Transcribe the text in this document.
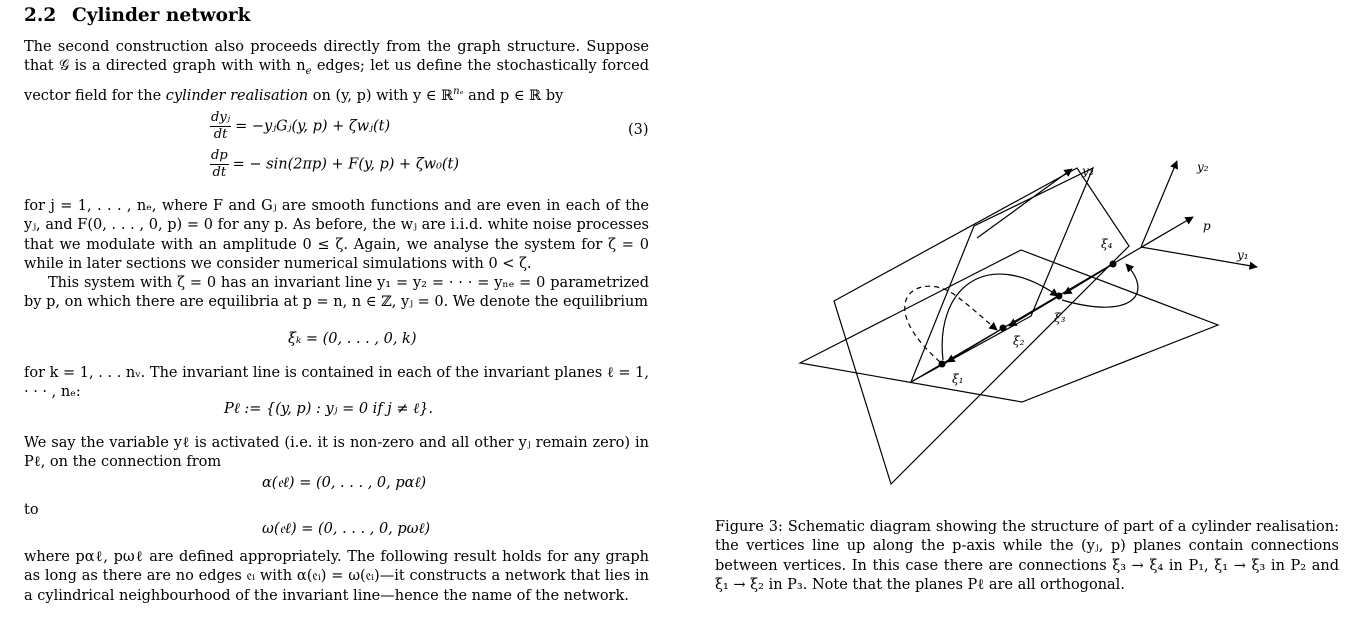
2.2 Cylinder network

The second construction also proceeds directly from the graph structure. Suppose that 𝒢 is a directed graph with with $n_e$ edges; let us define the stochastically forced vector field for the cylinder realisation on (y, p) with y ∈ ℝ$^{n_e}$ and p ∈ ℝ by

$\frac{\text{dyⱼ}}{dt}$ = −yⱼGⱼ(y, p) + ζwⱼ(t)	(3)
$\frac{dp}{dt}$ = − sin(2πp) + F(y, p) + ζw₀(t)

for j = 1, . . . , nₑ, where F and Gⱼ are smooth functions and are even in each of the yⱼ, and F(0, . . . , 0, p) = 0 for any p. As before, the wⱼ are i.i.d. white noise processes that we modulate with an amplitude 0 ≤ ζ. Again, we analyse the system for ζ = 0 while in later sections we consider numerical simulations with 0 < ζ.

This system with ζ = 0 has an invariant line y₁ = y₂ = · · · = yₙₑ = 0 parametrized by p, on which there are equilibria at p = n, n ∈ ℤ, yⱼ = 0. We denote the equilibrium

ξₖ = (0, . . . , 0, k)

for k = 1, . . . nᵥ. The invariant line is contained in each of the invariant planes ℓ = 1, · · · , nₑ:

Pℓ := {(y, p) : yⱼ = 0 if j ≠ ℓ}.

We say the variable yℓ is activated (i.e. it is non-zero and all other yⱼ remain zero) in Pℓ, on the connection from

α(𝔢ℓ) = (0, . . . , 0, pαℓ)

to

ω(𝔢ℓ) = (0, . . . , 0, pωℓ)

where pαℓ, pωℓ are defined appropriately. The following result holds for any graph as long as there are no edges 𝔢ᵢ with α(𝔢ᵢ) = ω(𝔢ᵢ)—it constructs a network that lies in a cylindrical neighbourhood of the invariant line—hence the name of the network.

y₃	y₂
p
y₁
ξ₁
ξ₂
ξ₃
ξ₄

Figure 3: Schematic diagram showing the structure of part of a cylinder realisation: the vertices line up along the p-axis while the (yⱼ, p) planes contain connections between vertices. In this case there are connections ξ₃ → ξ₄ in P₁, ξ₁ → ξ₃ in P₂ and ξ₁ → ξ₂ in P₃. Note that the planes Pℓ are all orthogonal.
